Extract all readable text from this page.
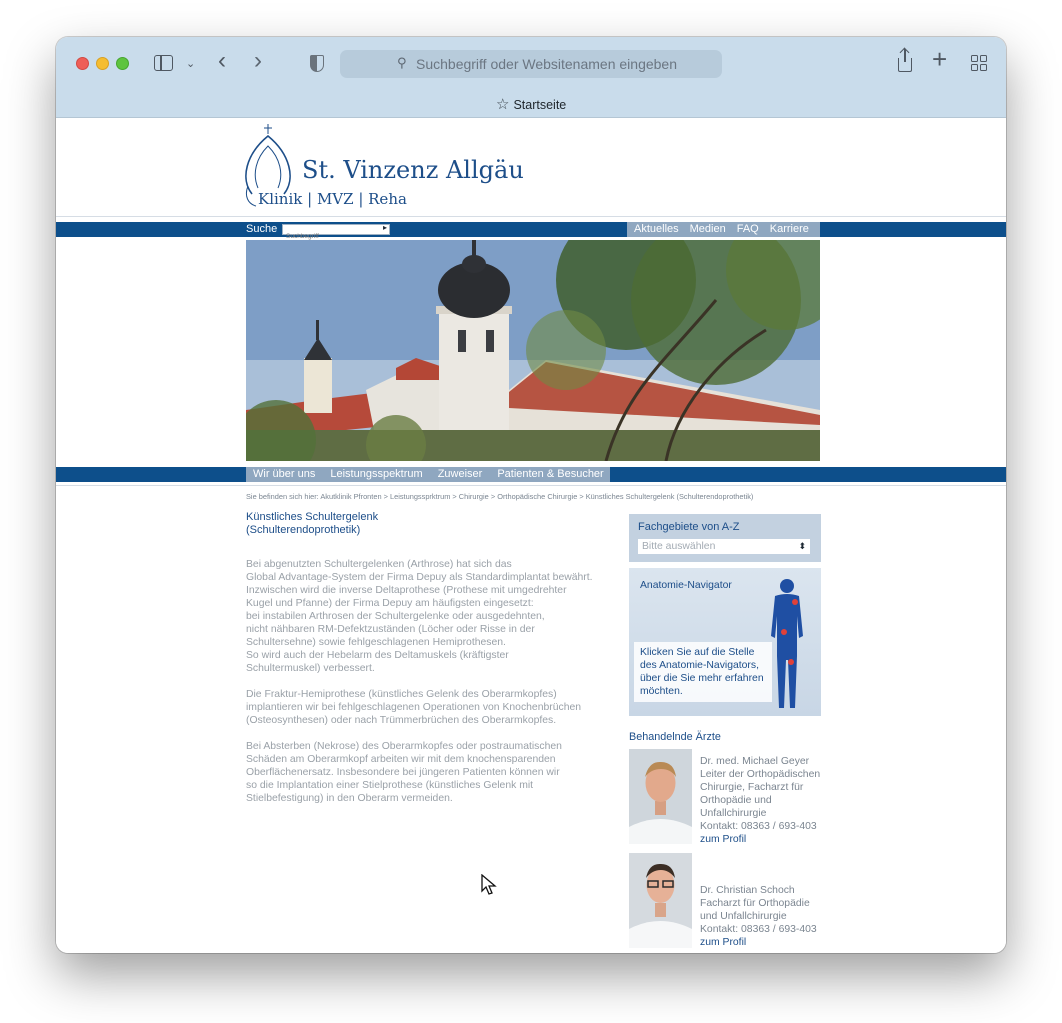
⌄ ‹ ›	⚲ Suchbegriff oder Websitenamen eingeben	+
☆ Startseite
St. Vinzenz Allgäu
Klinik | MVZ | Reha
Suche
Suchbegriff	▸	Aktuelles Medien FAQ Karriere
Wir über uns Leistungsspektrum Zuweiser Patienten & Besucher
Sie befinden sich hier: Akutklinik Pfronten > Leistungssprktrum > Chirurgie > Orthopädische Chirurgie > Künstliches Schultergelenk (Schulterendoprothetik)
Künstliches Schultergelenk
(Schulterendoprothetik)

Bei abgenutzten Schultergelenken (Arthrose) hat sich das
Global Advantage-System der Firma Depuy als Standardimplantat bewährt.
Inzwischen wird die inverse Deltaprothese (Prothese mit umgedrehter
Kugel und Pfanne) der Firma Depuy am häufigsten eingesetzt:
bei instabilen Arthrosen der Schultergelenke oder ausgedehnten,
nicht nähbaren RM-Defektzuständen (Löcher oder Risse in der
Schultersehne) sowie fehlgeschlagenen Hemiprothesen.
So wird auch der Hebelarm des Deltamuskels (kräftigster
Schultermuskel) verbessert.

Die Fraktur-Hemiprothese (künstliches Gelenk des Oberarmkopfes)
implantieren wir bei fehlgeschlagenen Operationen von Knochenbrüchen
(Osteosynthesen) oder nach Trümmerbrüchen des Oberarmkopfes.

Bei Absterben (Nekrose) des Oberarmkopfes oder postraumatischen
Schäden am Oberarmkopf arbeiten wir mit dem knochensparenden
Oberflächenersatz. Insbesondere bei jüngeren Patienten können wir
so die Implantation einer Stielprothese (künstliches Gelenk mit
Stielbefestigung) in den Oberarm vermeiden.

Fachgebiete von A-Z
Bitte auswählen	⬍
Anatomie-Navigator
Klicken Sie auf die Stelle des Anatomie-Navigators, über die Sie mehr erfahren möchten.
Behandelnde Ärzte
Dr. med. Michael Geyer
Leiter der Orthopädischen
Chirurgie, Facharzt für
Orthopädie und
Unfallchirurgie
Kontakt: 08363 / 693-403
zum Profil
Dr. Christian Schoch
Facharzt für Orthopädie
und Unfallchirurgie
Kontakt: 08363 / 693-403
zum Profil
